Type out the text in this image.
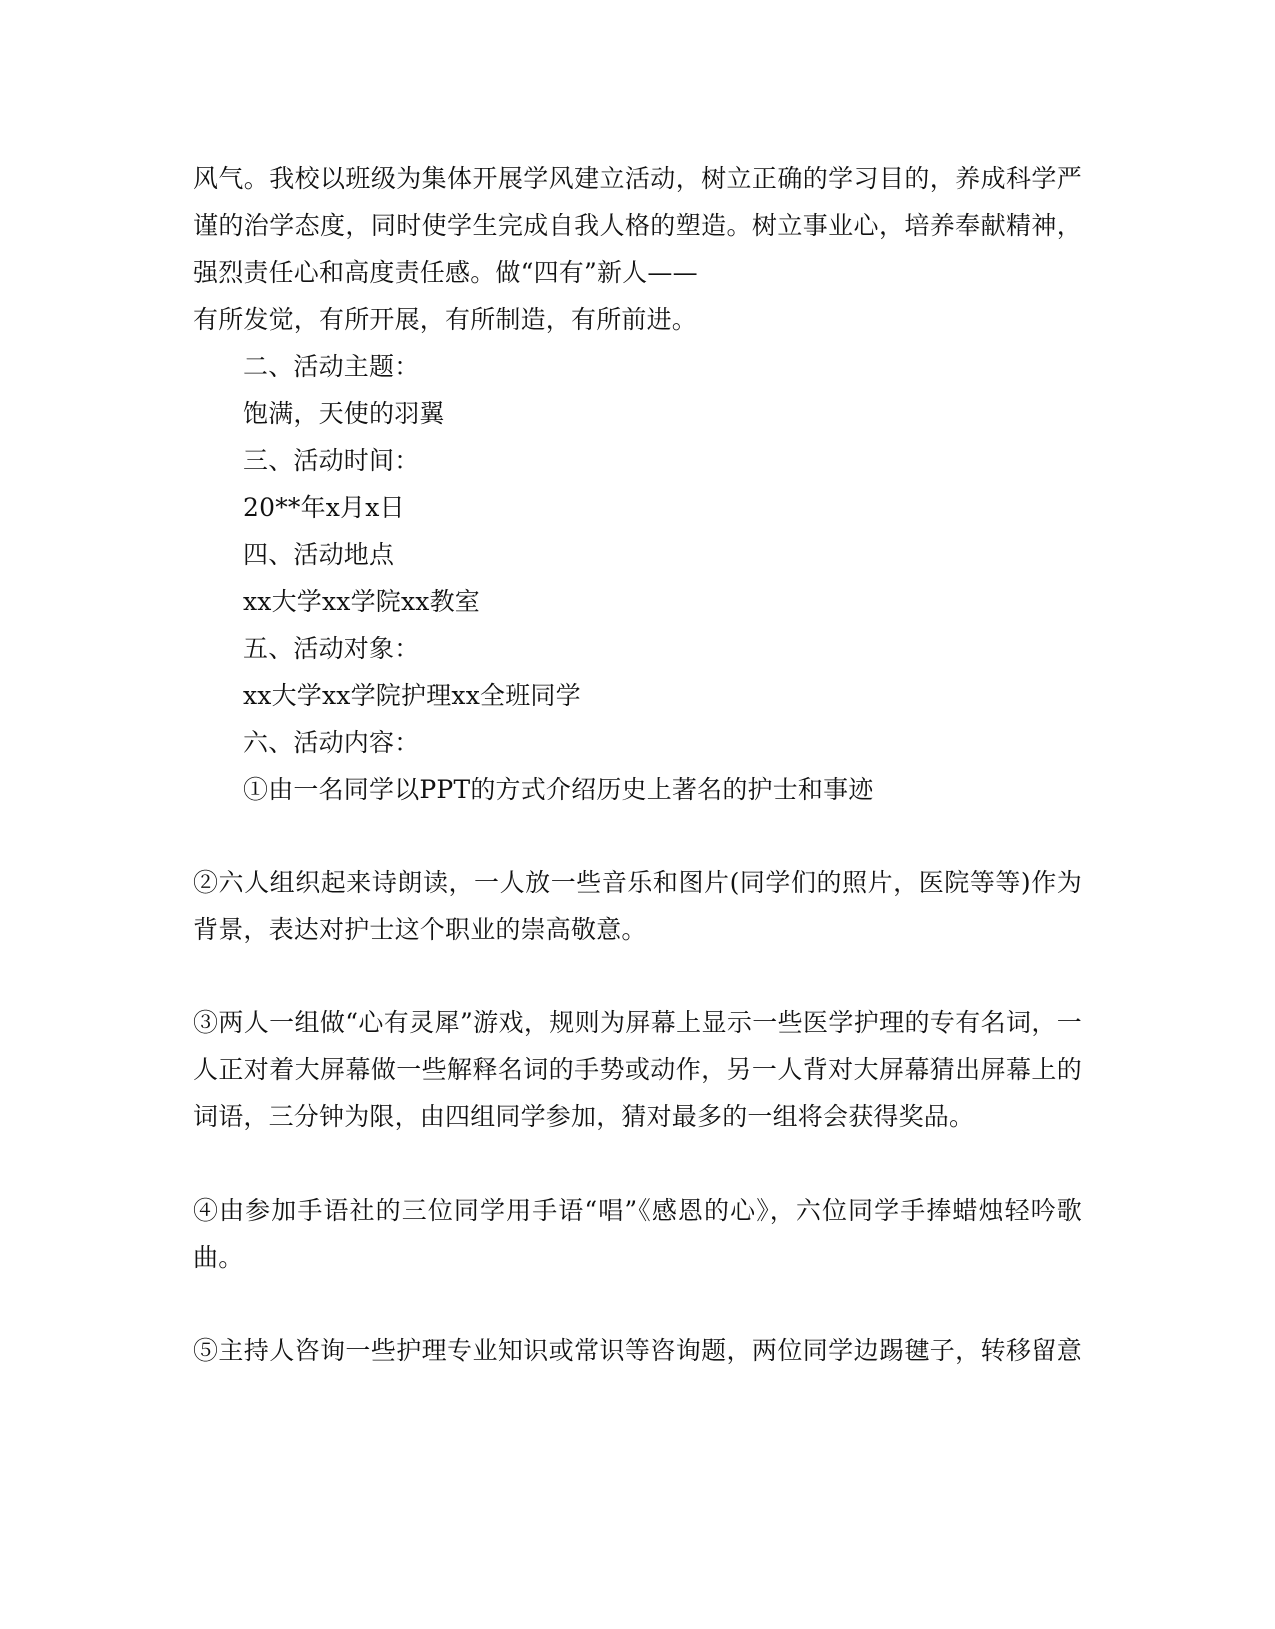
风气。我校以班级为集体开展学风建立活动，树立正确的学习目的，养成科学严
谨的治学态度，同时使学生完成自我人格的塑造。树立事业心，培养奉献精神，
强烈责任心和高度责任感。做“四有”新人——
有所发觉，有所开展，有所制造，有所前进。
二、活动主题：
饱满，天使的羽翼
三、活动时间：
20**年x月x日
四、活动地点
xx大学xx学院xx教室
五、活动对象：
xx大学xx学院护理xx全班同学
六、活动内容：
①由一名同学以PPT的方式介绍历史上著名的护士和事迹
②六人组织起来诗朗读，一人放一些音乐和图片(同学们的照片，医院等等)作为
背景，表达对护士这个职业的崇高敬意。
③两人一组做“心有灵犀”游戏，规则为屏幕上显示一些医学护理的专有名词，一
人正对着大屏幕做一些解释名词的手势或动作，另一人背对大屏幕猜出屏幕上的
词语，三分钟为限，由四组同学参加，猜对最多的一组将会获得奖品。
④由参加手语社的三位同学用手语“唱”《感恩的心》，六位同学手捧蜡烛轻吟歌
曲。
⑤主持人咨询一些护理专业知识或常识等咨询题，两位同学边踢毽子，转移留意
